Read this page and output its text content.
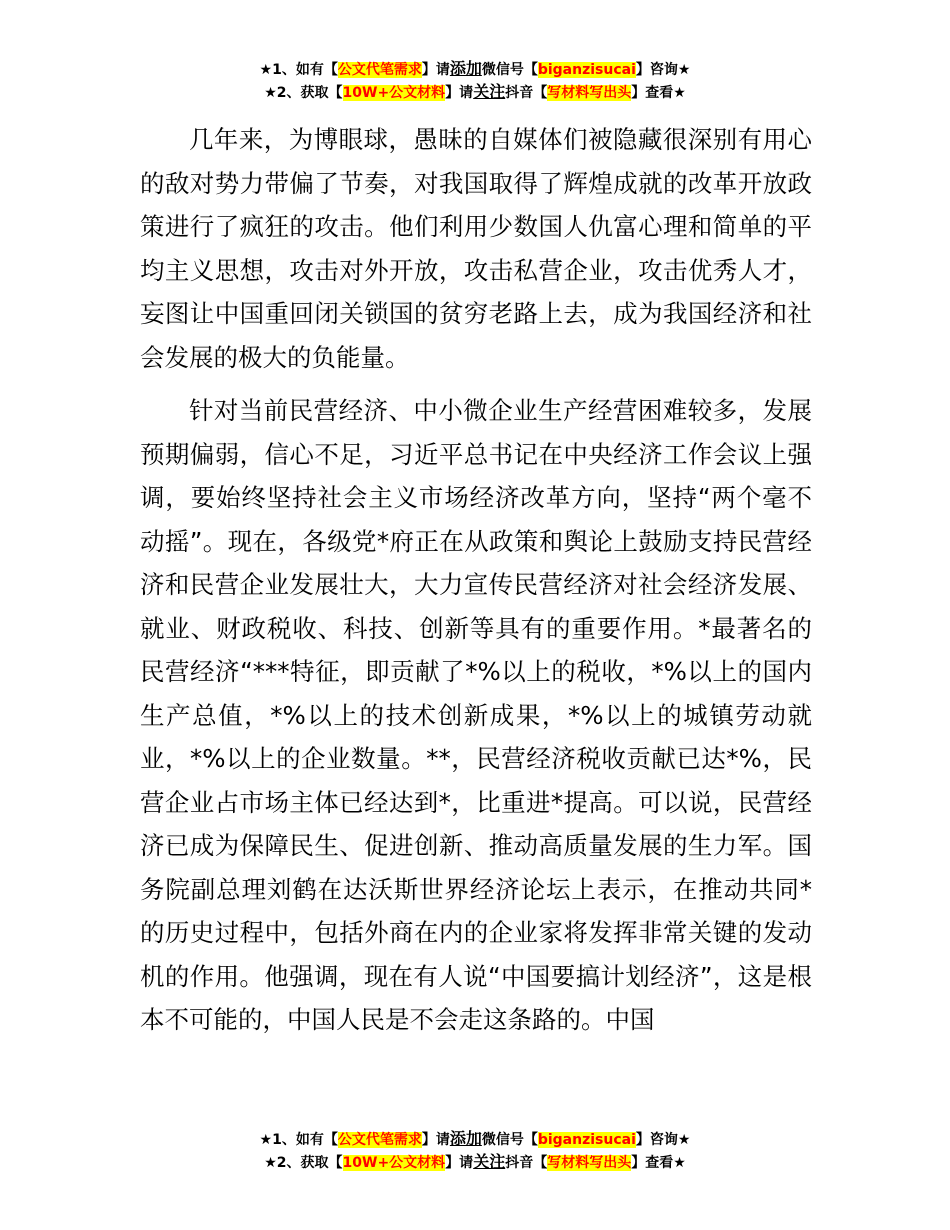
★1、如有【公文代笔需求】请添加微信号【biganzisucai】咨询★
★2、获取【10W+公文材料】请关注抖音【写材料写出头】查看★

几年来，为博眼球，愚昧的自媒体们被隐藏很深别有用心的敌对势力带偏了节奏，对我国取得了辉煌成就的改革开放政策进行了疯狂的攻击。他们利用少数国人仇富心理和简单的平均主义思想，攻击对外开放，攻击私营企业，攻击优秀人才，妄图让中国重回闭关锁国的贫穷老路上去，成为我国经济和社会发展的极大的负能量。

针对当前民营经济、中小微企业生产经营困难较多，发展预期偏弱，信心不足，习近平总书记在中央经济工作会议上强调，要始终坚持社会主义市场经济改革方向，坚持“两个毫不动摇”。现在，各级党*府正在从政策和舆论上鼓励支持民营经济和民营企业发展壮大，大力宣传民营经济对社会经济发展、就业、财政税收、科技、创新等具有的重要作用。*最著名的民营经济“***特征，即贡献了*%以上的税收，*%以上的国内生产总值，*%以上的技术创新成果，*%以上的城镇劳动就业，*%以上的企业数量。**，民营经济税收贡献已达*%，民营企业占市场主体已经达到*，比重进*提高。可以说，民营经济已成为保障民生、促进创新、推动高质量发展的生力军。国务院副总理刘鹤在达沃斯世界经济论坛上表示，在推动共同*的历史过程中，包括外商在内的企业家将发挥非常关键的发动机的作用。他强调，现在有人说“中国要搞计划经济”，这是根本不可能的，中国人民是不会走这条路的。中国

★1、如有【公文代笔需求】请添加微信号【biganzisucai】咨询★
★2、获取【10W+公文材料】请关注抖音【写材料写出头】查看★
